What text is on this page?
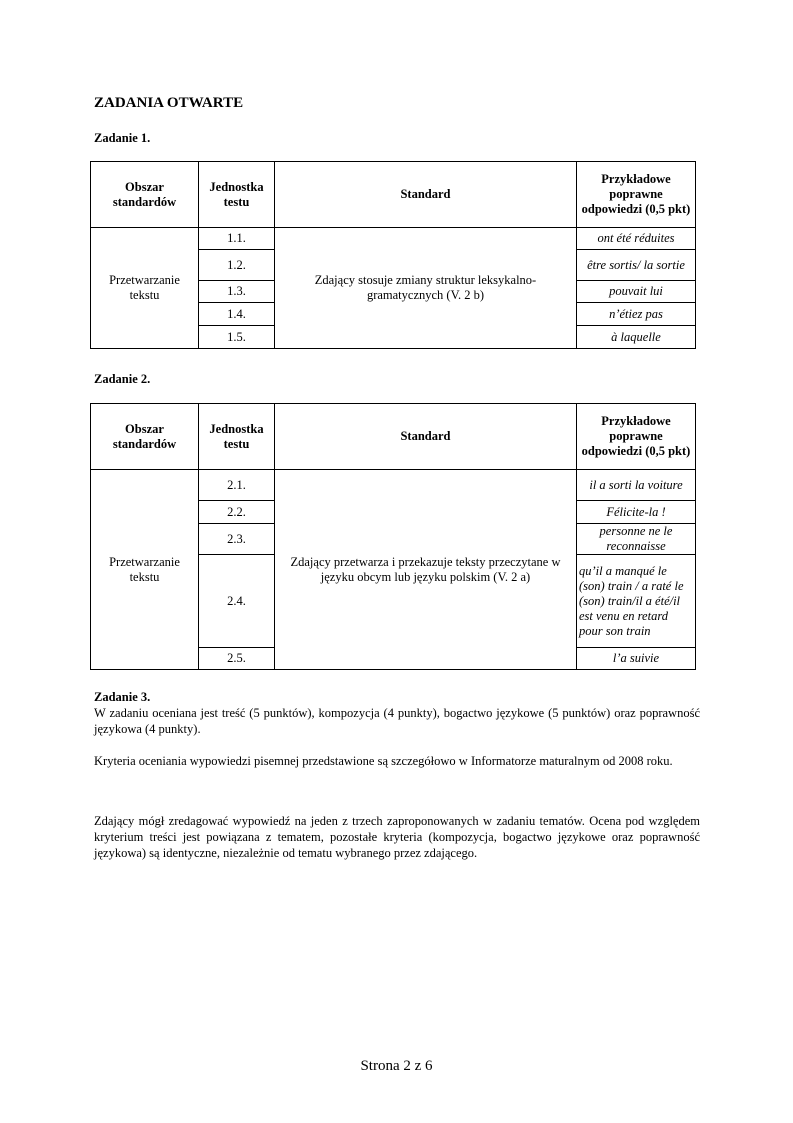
ZADANIA OTWARTE

Zadanie 1.

Obszar standardów	Jednostka testu	Standard	Przykładowe poprawne odpowiedzi (0,5 pkt)
Przetwarzanie tekstu	1.1.	Zdający stosuje zmiany struktur leksykalno-gramatycznych (V. 2 b)	ont été réduites
	1.2.		être sortis/ la sortie
	1.3.		pouvait lui
	1.4.		n’étiez pas
	1.5.		à laquelle

Zadanie 2.

Obszar standardów	Jednostka testu	Standard	Przykładowe poprawne odpowiedzi (0,5 pkt)
Przetwarzanie tekstu	2.1.	Zdający przetwarza i przekazuje teksty przeczytane w języku obcym lub języku polskim (V. 2 a)	il a sorti la voiture
	2.2.		Félicite-la !
	2.3.		personne ne le reconnaisse
	2.4.		qu’il a manqué le (son) train / a raté le (son) train/il a été/il est venu en retard pour son train
	2.5.		l’a suivie

Zadanie 3.

W zadaniu oceniana jest treść (5 punktów), kompozycja (4 punkty), bogactwo językowe (5 punktów) oraz poprawność językowa (4 punkty).

Kryteria oceniania wypowiedzi pisemnej przedstawione są szczegółowo w Informatorze maturalnym od 2008 roku.

Zdający mógł zredagować wypowiedź na jeden z trzech zaproponowanych w zadaniu tematów. Ocena pod względem kryterium treści jest powiązana z tematem, pozostałe kryteria (kompozycja, bogactwo językowe oraz poprawność językowa) są identyczne, niezależnie od tematu wybranego przez zdającego.

Strona 2 z 6
